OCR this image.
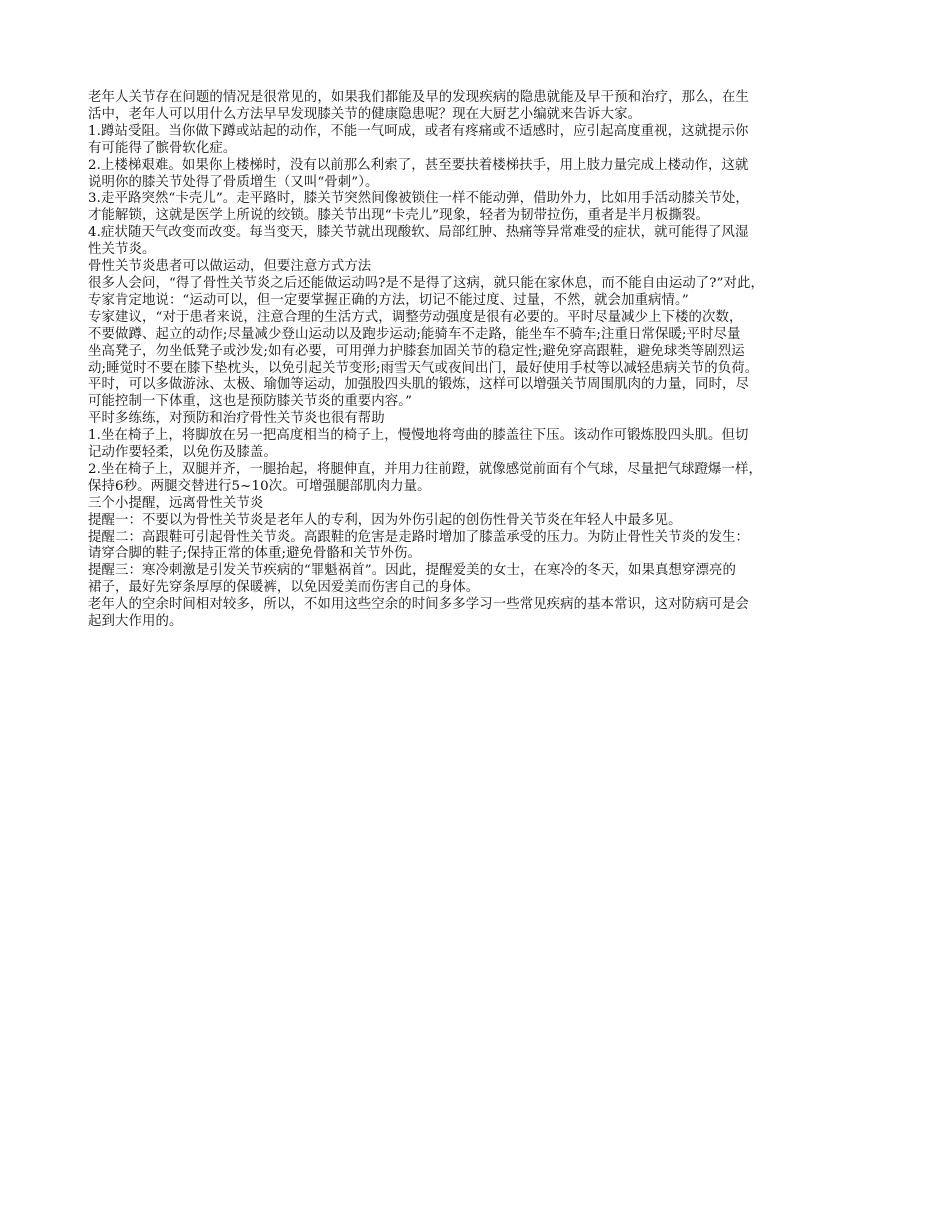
老年人关节存在问题的情况是很常见的，如果我们都能及早的发现疾病的隐患就能及早干预和治疗，那么，在生
活中，老年人可以用什么方法早早发现膝关节的健康隐患呢？现在大厨艺小编就来告诉大家。

1.蹲站受阻。当你做下蹲或站起的动作，不能一气呵成，或者有疼痛或不适感时，应引起高度重视，这就提示你
有可能得了髌骨软化症。

2.上楼梯艰难。如果你上楼梯时，没有以前那么利索了，甚至要扶着楼梯扶手，用上肢力量完成上楼动作，这就
说明你的膝关节处得了骨质增生（又叫“骨刺”）。

3.走平路突然“卡壳儿”。走平路时，膝关节突然间像被锁住一样不能动弹，借助外力，比如用手活动膝关节处，
才能解锁，这就是医学上所说的绞锁。膝关节出现“卡壳儿”现象，轻者为韧带拉伤，重者是半月板撕裂。

4.症状随天气改变而改变。每当变天，膝关节就出现酸软、局部红肿、热痛等异常难受的症状，就可能得了风湿
性关节炎。

骨性关节炎患者可以做运动，但要注意方式方法

很多人会问，“得了骨性关节炎之后还能做运动吗?是不是得了这病，就只能在家休息，而不能自由运动了?”对此，
专家肯定地说：“运动可以，但一定要掌握正确的方法，切记不能过度、过量，不然，就会加重病情。”

专家建议，“对于患者来说，注意合理的生活方式，调整劳动强度是很有必要的。平时尽量减少上下楼的次数，
不要做蹲、起立的动作;尽量减少登山运动以及跑步运动;能骑车不走路，能坐车不骑车;注重日常保暖;平时尽量
坐高凳子，勿坐低凳子或沙发;如有必要，可用弹力护膝套加固关节的稳定性;避免穿高跟鞋，避免球类等剧烈运
动;睡觉时不要在膝下垫枕头，以免引起关节变形;雨雪天气或夜间出门，最好使用手杖等以减轻患病关节的负荷。
平时，可以多做游泳、太极、瑜伽等运动，加强股四头肌的锻炼，这样可以增强关节周围肌肉的力量，同时，尽
可能控制一下体重，这也是预防膝关节炎的重要内容。”

平时多练练，对预防和治疗骨性关节炎也很有帮助

1.坐在椅子上，将脚放在另一把高度相当的椅子上，慢慢地将弯曲的膝盖往下压。该动作可锻炼股四头肌。但切
记动作要轻柔，以免伤及膝盖。

2.坐在椅子上，双腿并齐，一腿抬起，将腿伸直，并用力往前蹬，就像感觉前面有个气球，尽量把气球蹬爆一样，
保持6秒。两腿交替进行5~10次。可增强腿部肌肉力量。

三个小提醒，远离骨性关节炎

提醒一：不要以为骨性关节炎是老年人的专利，因为外伤引起的创伤性骨关节炎在年轻人中最多见。

提醒二：高跟鞋可引起骨性关节炎。高跟鞋的危害是走路时增加了膝盖承受的压力。为防止骨性关节炎的发生：
请穿合脚的鞋子;保持正常的体重;避免骨骼和关节外伤。

提醒三：寒冷刺激是引发关节疾病的“罪魁祸首”。因此，提醒爱美的女士，在寒冷的冬天，如果真想穿漂亮的
裙子，最好先穿条厚厚的保暖裤，以免因爱美而伤害自己的身体。

老年人的空余时间相对较多，所以，不如用这些空余的时间多多学习一些常见疾病的基本常识，这对防病可是会
起到大作用的。
